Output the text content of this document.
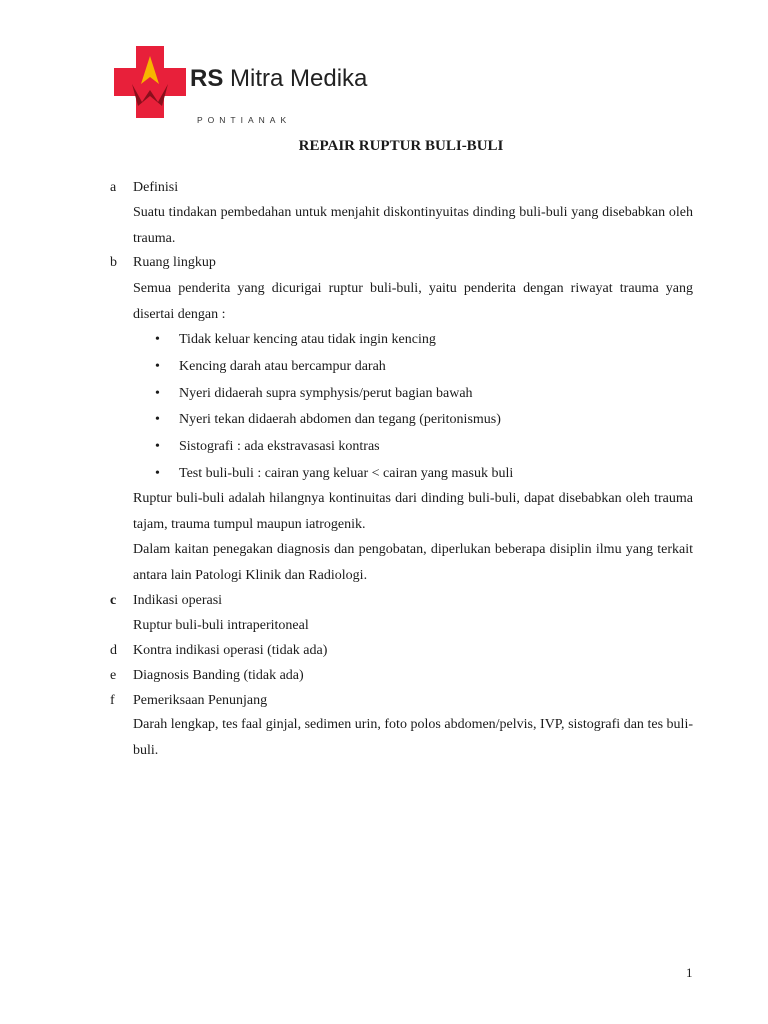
RS Mitra Medika
PONTIANAK
REPAIR RUPTUR BULI-BULI
a Definisi
Suatu tindakan pembedahan untuk menjahit diskontinyuitas dinding buli-buli yang disebabkan oleh trauma.
b Ruang lingkup
Semua penderita yang dicurigai ruptur buli-buli, yaitu penderita dengan riwayat trauma yang disertai dengan :
• Tidak keluar kencing atau tidak ingin kencing
• Kencing darah atau bercampur darah
• Nyeri didaerah supra symphysis/perut bagian bawah
• Nyeri tekan didaerah abdomen dan tegang (peritonismus)
• Sistografi : ada ekstravasasi kontras
• Test buli-buli : cairan yang keluar < cairan yang masuk buli
Ruptur buli-buli adalah hilangnya kontinuitas dari dinding buli-buli, dapat disebabkan oleh trauma tajam, trauma tumpul maupun iatrogenik.
Dalam kaitan penegakan diagnosis dan pengobatan, diperlukan beberapa disiplin ilmu yang terkait antara lain Patologi Klinik dan Radiologi.
c Indikasi operasi
Ruptur buli-buli intraperitoneal
d Kontra indikasi operasi (tidak ada)
e Diagnosis Banding (tidak ada)
f Pemeriksaan Penunjang
Darah lengkap, tes faal ginjal, sedimen urin, foto polos abdomen/pelvis, IVP, sistografi dan tes buli-buli.
1
